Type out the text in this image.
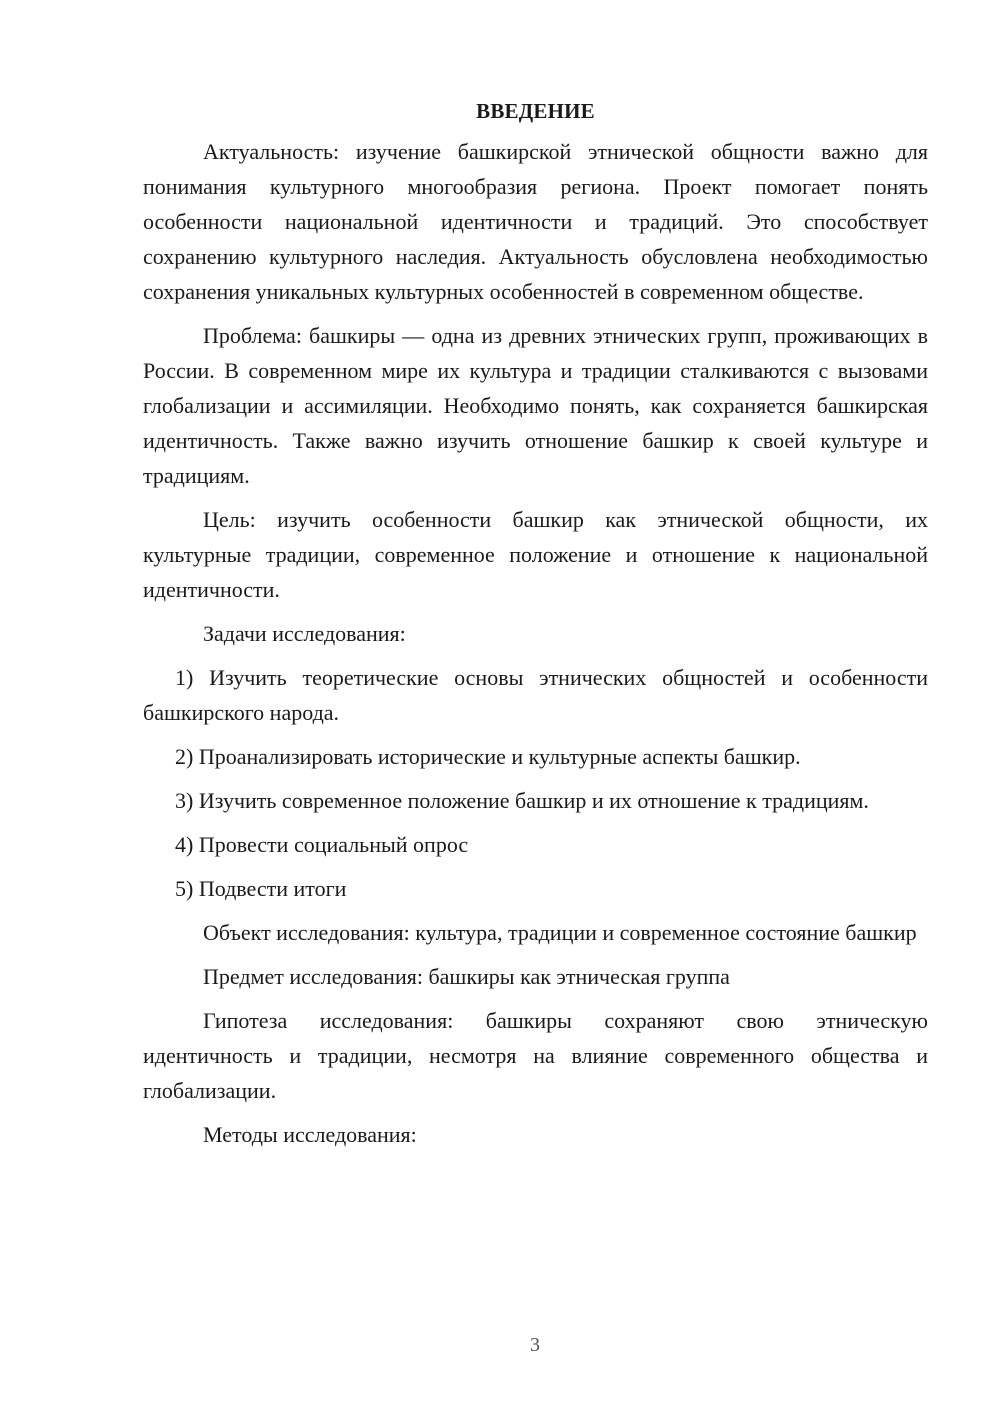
ВВЕДЕНИЕ

Актуальность: изучение башкирской этнической общности важно для понимания культурного многообразия региона. Проект помогает понять особенности национальной идентичности и традиций. Это способствует сохранению культурного наследия. Актуальность обусловлена необходимостью сохранения уникальных культурных особенностей в современном обществе.

Проблема: башкиры — одна из древних этнических групп, проживающих в России. В современном мире их культура и традиции сталкиваются с вызовами глобализации и ассимиляции. Необходимо понять, как сохраняется башкирская идентичность. Также важно изучить отношение башкир к своей культуре и традициям.

Цель: изучить особенности башкир как этнической общности, их культурные традиции, современное положение и отношение к национальной идентичности.

Задачи исследования:

1) Изучить теоретические основы этнических общностей и особенности башкирского народа.

2) Проанализировать исторические и культурные аспекты башкир.

3) Изучить современное положение башкир и их отношение к традициям.

4) Провести социальный опрос

5) Подвести итоги

Объект исследования: культура, традиции и современное состояние башкир

Предмет исследования: башкиры как этническая группа

Гипотеза исследования: башкиры сохраняют свою этническую идентичность и традиции, несмотря на влияние современного общества и глобализации.

Методы исследования:

3
